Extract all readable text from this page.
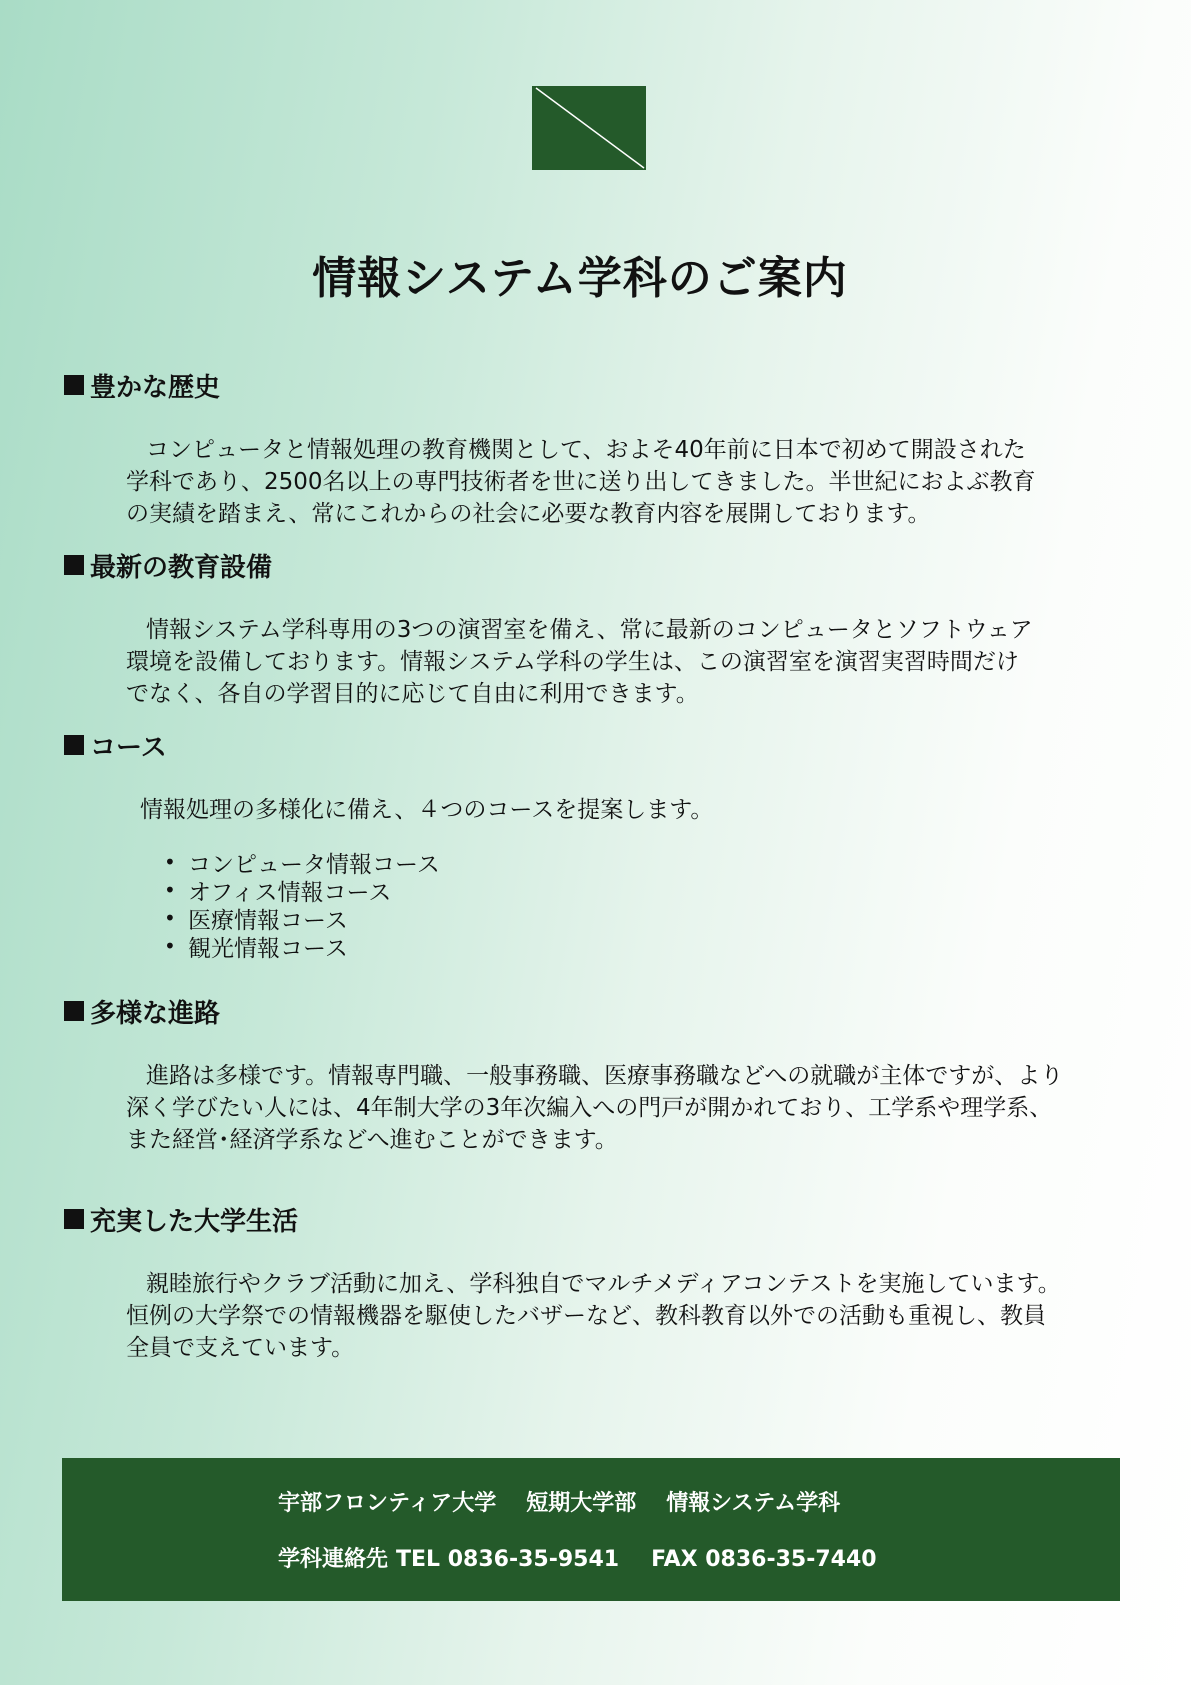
情報システム学科のご案内
豊かな歴史
コンピュータと情報処理の教育機関として、およそ40年前に日本で初めて開設された
学科であり、2500名以上の専門技術者を世に送り出してきました。半世紀におよぶ教育
の実績を踏まえ、常にこれからの社会に必要な教育内容を展開しております。
最新の教育設備
情報システム学科専用の3つの演習室を備え、常に最新のコンピュータとソフトウェア
環境を設備しております。情報システム学科の学生は、この演習室を演習実習時間だけ
でなく、各自の学習目的に応じて自由に利用できます。
コース
情報処理の多様化に備え、４つのコースを提案します。
• コンピュータ情報コース
• オフィス情報コース
• 医療情報コース
• 観光情報コース
多様な進路
進路は多様です。情報専門職、一般事務職、医療事務職などへの就職が主体ですが、より
深く学びたい人には、4年制大学の3年次編入への門戸が開かれており、工学系や理学系、
また経営･経済学系などへ進むことができます。
充実した大学生活
親睦旅行やクラブ活動に加え、学科独自でマルチメディアコンテストを実施しています。
恒例の大学祭での情報機器を駆使したバザーなど、教科教育以外での活動も重視し、教員
全員で支えています。
宇部フロンティア大学 短期大学部 情報システム学科
学科連絡先 TEL 0836-35-9541 FAX 0836-35-7440
